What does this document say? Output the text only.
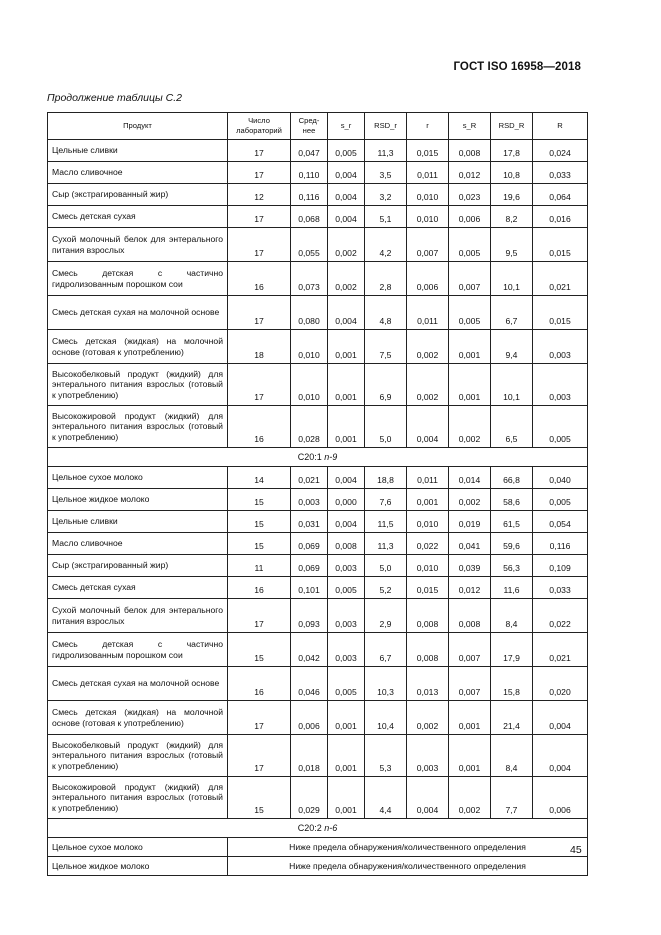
ГОСТ ISO 16958—2018
Продолжение таблицы С.2
Продукт	Число лабораторий	Сред-нее	s_r	RSD_r	r	s_R	RSD_R	R
Цельные сливки	17	0,047	0,005	11,3	0,015	0,008	17,8	0,024
Масло сливочное	17	0,110	0,004	3,5	0,011	0,012	10,8	0,033
Сыр (экстрагированный жир)	12	0,116	0,004	3,2	0,010	0,023	19,6	0,064
Смесь детская сухая	17	0,068	0,004	5,1	0,010	0,006	8,2	0,016
Сухой молочный белок для энтерального питания взрослых	17	0,055	0,002	4,2	0,007	0,005	9,5	0,015
Смесь детская с частично гидролизованным порошком сои	16	0,073	0,002	2,8	0,006	0,007	10,1	0,021
Смесь детская сухая на молочной основе	17	0,080	0,004	4,8	0,011	0,005	6,7	0,015
Смесь детская (жидкая) на молочной основе (готовая к употреблению)	18	0,010	0,001	7,5	0,002	0,001	9,4	0,003
Высокобелковый продукт (жидкий) для энтерального питания взрослых (готовый к употреблению)	17	0,010	0,001	6,9	0,002	0,001	10,1	0,003
Высокожировой продукт (жидкий) для энтерального питания взрослых (готовый к употреблению)	16	0,028	0,001	5,0	0,004	0,002	6,5	0,005
С20:1 n-9								
Цельное сухое молоко	14	0,021	0,004	18,8	0,011	0,014	66,8	0,040
Цельное жидкое молоко	15	0,003	0,000	7,6	0,001	0,002	58,6	0,005
Цельные сливки	15	0,031	0,004	11,5	0,010	0,019	61,5	0,054
Масло сливочное	15	0,069	0,008	11,3	0,022	0,041	59,6	0,116
Сыр (экстрагированный жир)	11	0,069	0,003	5,0	0,010	0,039	56,3	0,109
Смесь детская сухая	16	0,101	0,005	5,2	0,015	0,012	11,6	0,033
Сухой молочный белок для энтерального питания взрослых	17	0,093	0,003	2,9	0,008	0,008	8,4	0,022
Смесь детская с частично гидролизованным порошком сои	15	0,042	0,003	6,7	0,008	0,007	17,9	0,021
Смесь детская сухая на молочной основе	16	0,046	0,005	10,3	0,013	0,007	15,8	0,020
Смесь детская (жидкая) на молочной основе (готовая к употреблению)	17	0,006	0,001	10,4	0,002	0,001	21,4	0,004
Высокобелковый продукт (жидкий) для энтерального питания взрослых (готовый к употреблению)	17	0,018	0,001	5,3	0,003	0,001	8,4	0,004
Высокожировой продукт (жидкий) для энтерального питания взрослых (готовый к употреблению)	15	0,029	0,001	4,4	0,004	0,002	7,7	0,006
С20:2 n-6								
Цельное сухое молоко	Ниже предела обнаружения/количественного определения							
Цельное жидкое молоко	Ниже предела обнаружения/количественного определения							
45
